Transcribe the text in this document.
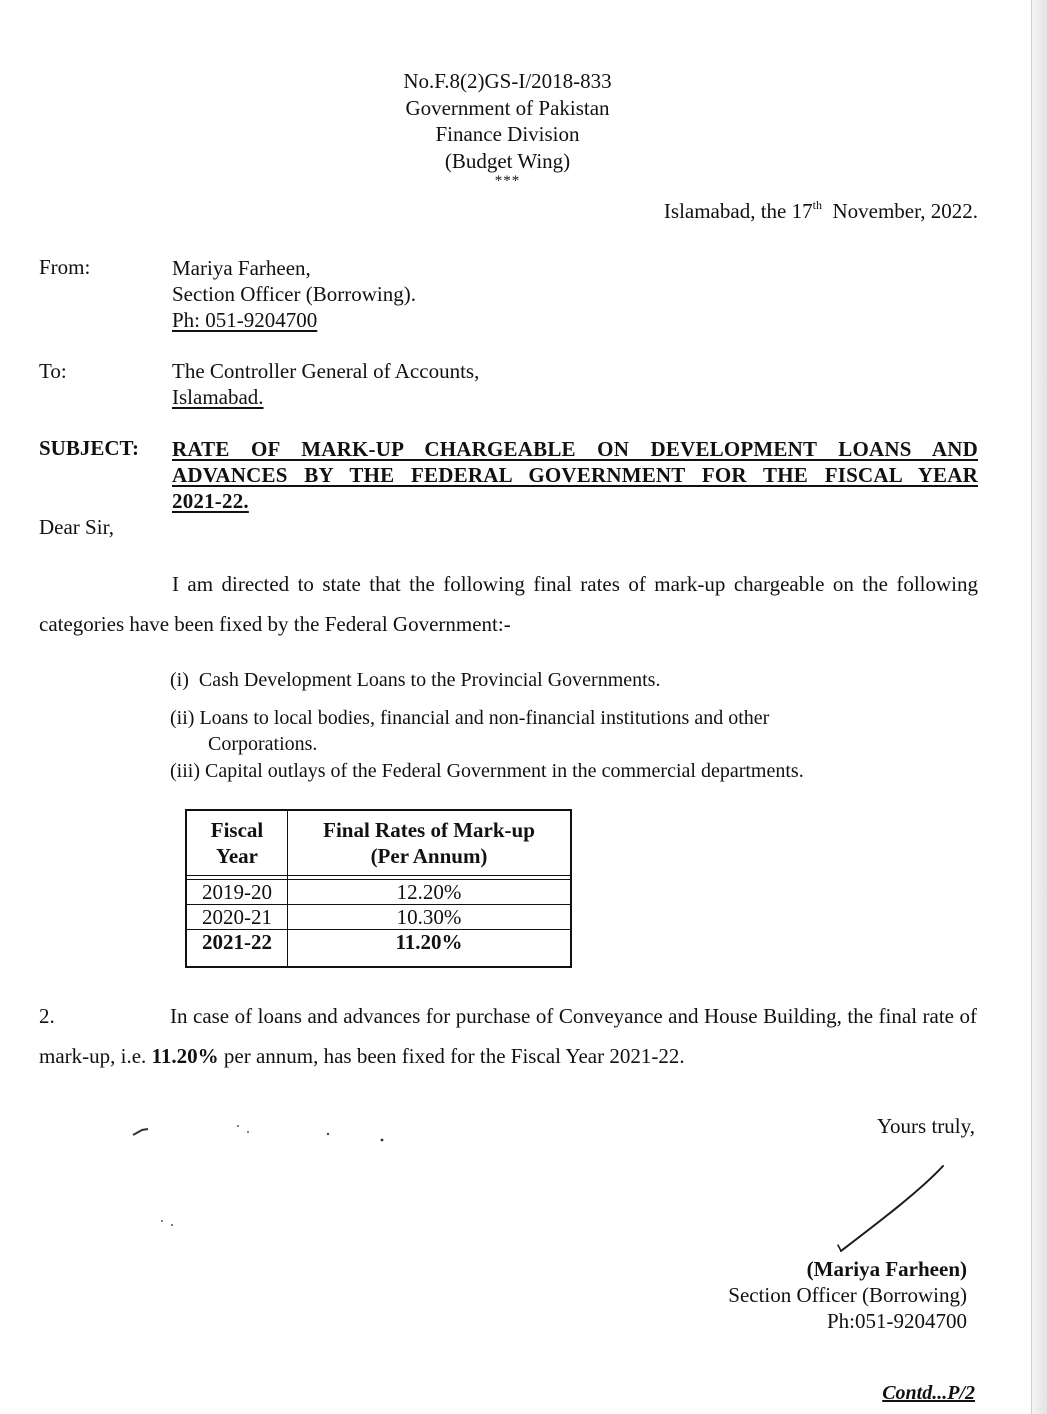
No.F.8(2)GS-I/2018-833
Government of Pakistan
Finance Division
(Budget Wing)
***
Islamabad, the 17th November, 2022.
From:	Mariya Farheen,
Section Officer (Borrowing).
Ph: 051-9204700
To:	The Controller General of Accounts,
Islamabad.
SUBJECT: RATE OF MARK-UP CHARGEABLE ON DEVELOPMENT LOANS AND ADVANCES BY THE FEDERAL GOVERNMENT FOR THE FISCAL YEAR
2021-22.
Dear Sir,
I am directed to state that the following final rates of mark-up chargeable on the following categories have been fixed by the Federal Government:-
(i) Cash Development Loans to the Provincial Governments.
(ii) Loans to local bodies, financial and non-financial institutions and other
Corporations.
(iii) Capital outlays of the Federal Government in the commercial departments.
Fiscal
Year	Final Rates of Mark-up
(Per Annum)

2019-20	12.20%
2020-21	10.30%
2021-22	11.20%

2.	In case of loans and advances for purchase of Conveyance and House Building, the final rate of mark-up, i.e. 11.20% per annum, has been fixed for the Fiscal Year 2021-22.
Yours truly,
(Mariya Farheen)
Section Officer (Borrowing)
Ph:051-9204700
Contd...P/2
